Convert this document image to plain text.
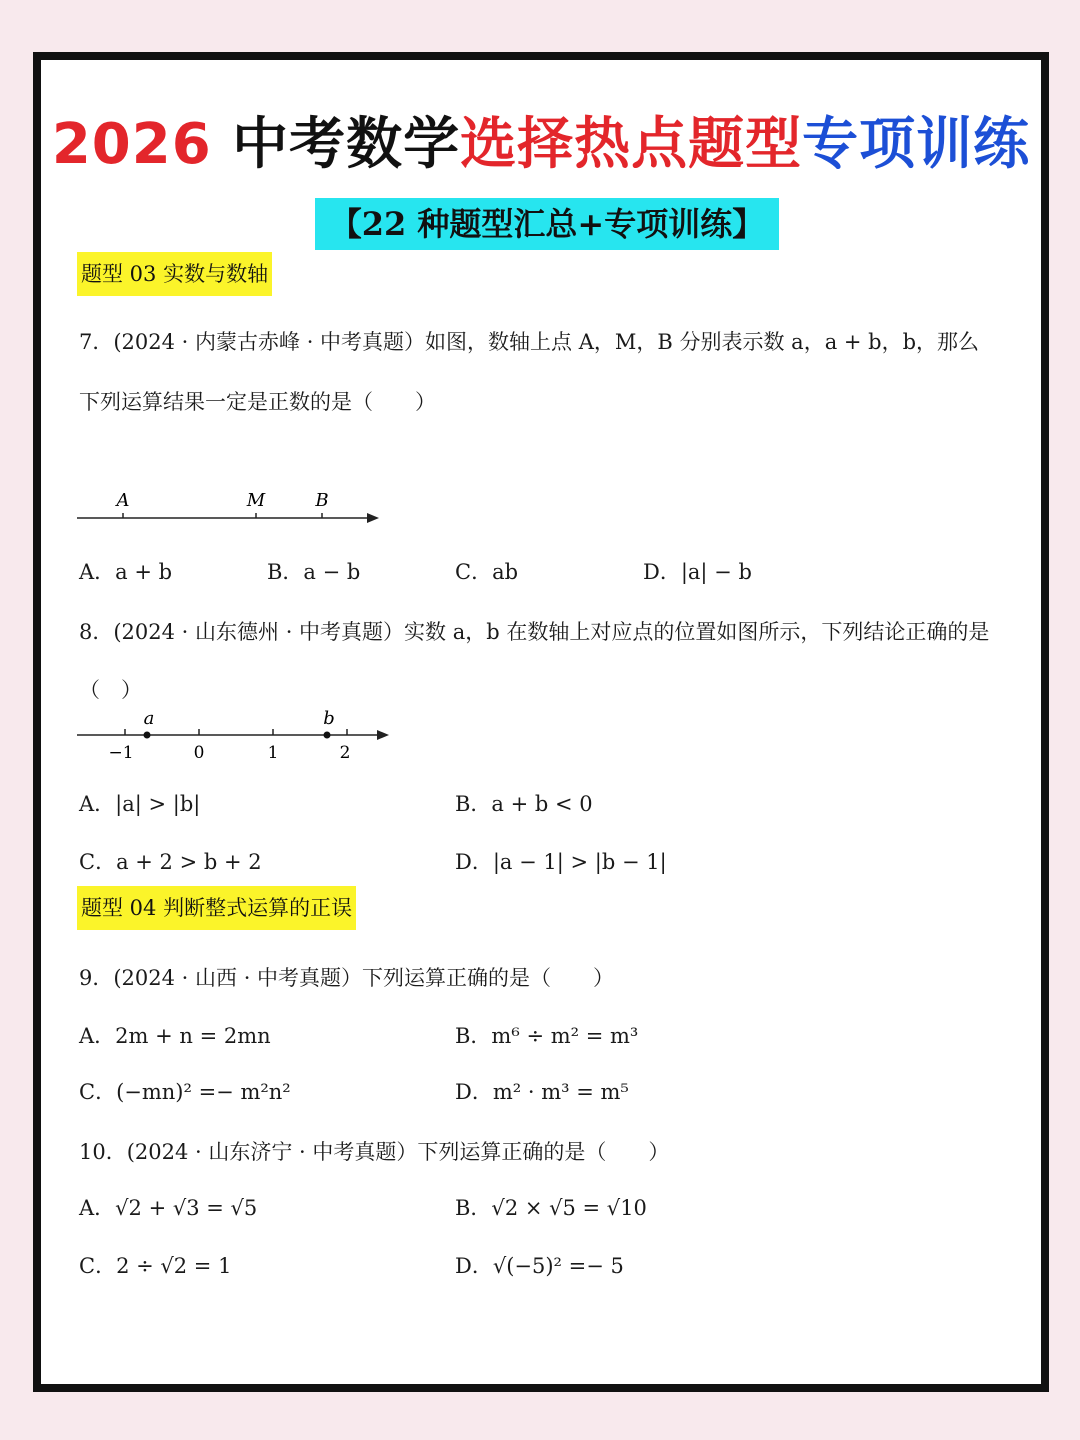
2026 中考数学选择热点题型专项训练
【22 种题型汇总+专项训练】
题型 03 实数与数轴
7．(2024 · 内蒙古赤峰 · 中考真题）如图，数轴上点 A，M，B 分别表示数 a，a + b，b，那么
下列运算结果一定是正数的是（　　）
A	M	B
A．a + b	B．a − b	C．ab	D．|a| − b
8．(2024 · 山东德州 · 中考真题）实数 a，b 在数轴上对应点的位置如图所示，下列结论正确的是
（　）
a	b
−1	0	1	2
A．|a| > |b|	B．a + b < 0
C．a + 2 > b + 2	D．|a − 1| > |b − 1|
题型 04 判断整式运算的正误
9．(2024 · 山西 · 中考真题）下列运算正确的是（　　）
A．2m + n = 2mn	B．m⁶ ÷ m² = m³
C．(−mn)² =− m²n²	D．m² · m³ = m⁵
10．(2024 · 山东济宁 · 中考真题）下列运算正确的是（　　）
A．√2 + √3 = √5	B．√2 × √5 = √10
C．2 ÷ √2 = 1	D．√(−5)² =− 5
